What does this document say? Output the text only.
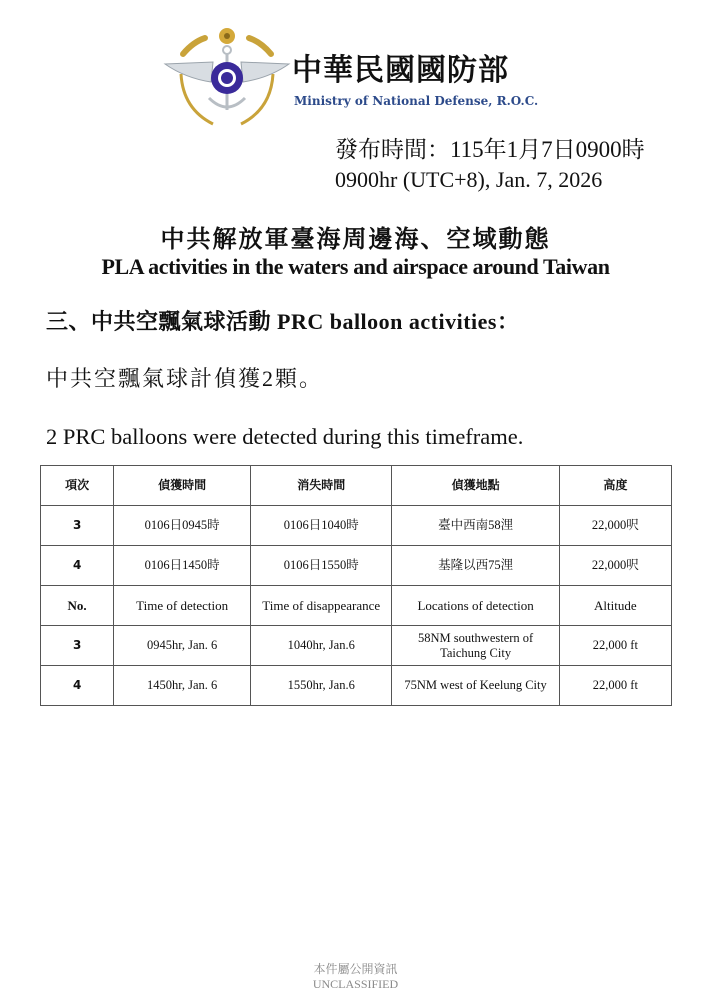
中華民國國防部
Ministry of National Defense, R.O.C.
發布時間：115年1月7日0900時
0900hr (UTC+8), Jan. 7, 2026
中共解放軍臺海周邊海、空域動態
PLA activities in the waters and airspace around Taiwan
三、中共空飄氣球活動 PRC balloon activities：
中共空飄氣球計偵獲2顆。
2 PRC balloons were detected during this timeframe.
項次	偵獲時間	消失時間	偵獲地點	高度
3	0106日0945時	0106日1040時	臺中西南58浬	22,000呎
4	0106日1450時	0106日1550時	基隆以西75浬	22,000呎
No.	Time of detection	Time of disappearance	Locations of detection	Altitude
3	0945hr, Jan. 6	1040hr, Jan.6	58NM southwestern of Taichung City	22,000 ft
4	1450hr, Jan. 6	1550hr, Jan.6	75NM west of Keelung City	22,000 ft
本件屬公開資訊
UNCLASSIFIED
